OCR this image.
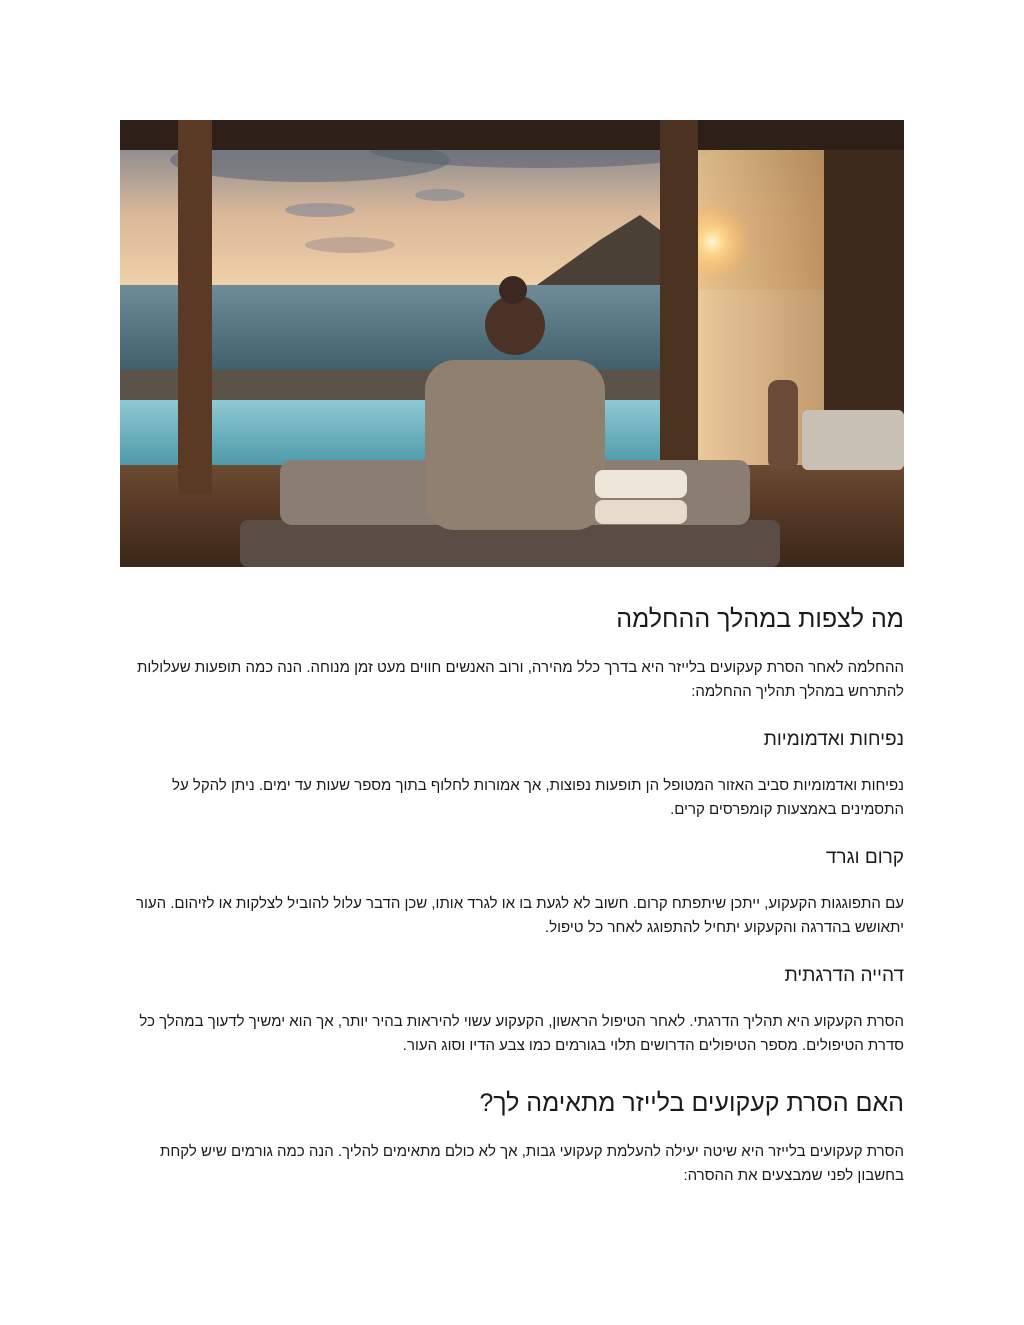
מה לצפות במהלך ההחלמה

ההחלמה לאחר הסרת קעקועים בלייזר היא בדרך כלל מהירה, ורוב האנשים חווים מעט זמן מנוחה. הנה כמה תופעות שעלולות להתרחש במהלך תהליך ההחלמה:

נפיחות ואדמומיות

נפיחות ואדמומיות סביב האזור המטופל הן תופעות נפוצות, אך אמורות לחלוף בתוך מספר שעות עד ימים. ניתן להקל על התסמינים באמצעות קומפרסים קרים.

קרום וגרד

עם התפוגגות הקעקוע, ייתכן שיתפתח קרום. חשוב לא לגעת בו או לגרד אותו, שכן הדבר עלול להוביל לצלקות או לזיהום. העור יתאושש בהדרגה והקעקוע יתחיל להתפוגג לאחר כל טיפול.

דהייה הדרגתית

הסרת הקעקוע היא תהליך הדרגתי. לאחר הטיפול הראשון, הקעקוע עשוי להיראות בהיר יותר, אך הוא ימשיך לדעוך במהלך כל סדרת הטיפולים. מספר הטיפולים הדרושים תלוי בגורמים כמו צבע הדיו וסוג העור.

האם הסרת קעקועים בלייזר מתאימה לך?

הסרת קעקועים בלייזר היא שיטה יעילה להעלמת קעקועי גבות, אך לא כולם מתאימים להליך. הנה כמה גורמים שיש לקחת בחשבון לפני שמבצעים את ההסרה:
